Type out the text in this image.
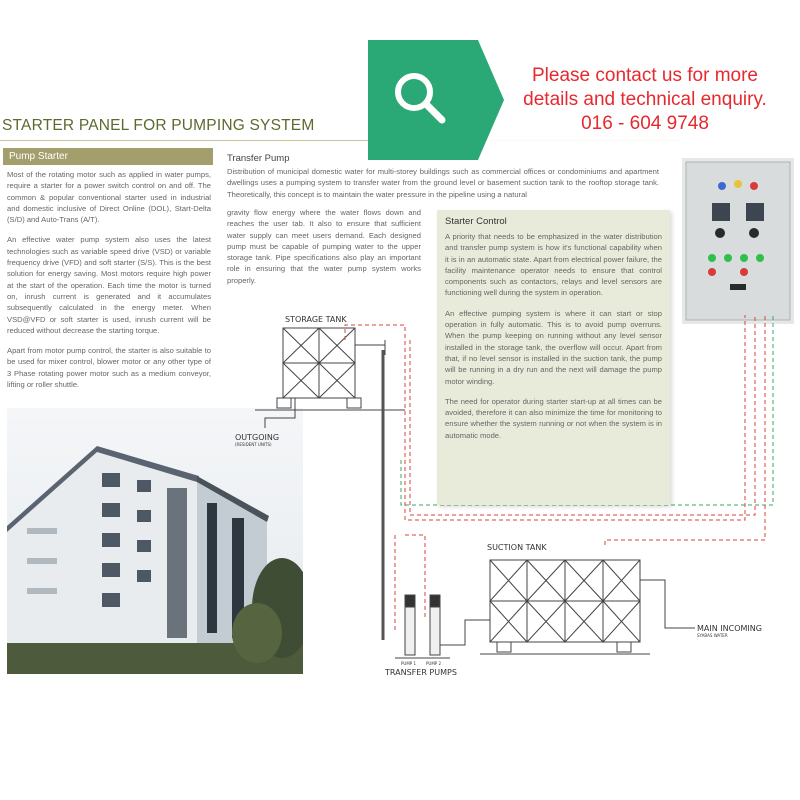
STARTER PANEL FOR PUMPING SYSTEM
Pump Starter

Most of the rotating motor such as applied in water pumps, require a starter for a power switch control on and off. The common & popular conventional starter used in industrial and domestic inclusive of Direct Online (DOL), Start-Delta (S/D) and Auto-Trans (A/T).

An effective water pump system also uses the latest technologies such as variable speed drive (VSD) or variable frequency drive (VFD) and soft starter (S/S). This is the best solution for energy saving. Most motors require high power at the start of the operation. Each time the motor is turned on, inrush current is generated and it accumulates subsequently calculated in the energy meter. When VSD@VFD or soft starter is used, inrush current will be reduced without decrease the starting torque.

Apart from motor pump control, the starter is also suitable to be used for mixer control, blower motor or any other type of 3 Phase rotating power motor such as a medium conveyor, lifting or roller shuttle.

Transfer Pump
Distribution of municipal domestic water for multi-storey buildings such as commercial offices or condominiums and apartment dwellings uses a pumping system to transfer water from the ground level or basement suction tank to the rooftop storage tank. Theoretically, this concept is to maintain the water pressure in the pipeline using a natural
gravity flow energy where the water flows down and reaches the user tab. It also to ensure that sufficient water supply can meet users demand. Each designed pump must be capable of pumping water to the upper storage tank. Pipe specifications also play an important role in ensuring that the water pump system works properly.
STORAGE TANK
OUTGOING
(RESIDENT UNITS)
SUCTION TANK
MAIN INCOMING
SYABAS WATER
PUMP 1 PUMP 2
TRANSFER PUMPS
Starter Control

A priority that needs to be emphasized in the water distribution and transfer pump system is how it's functional capability when it is in an automatic state. Apart from electrical power failure, the facility maintenance operator needs to ensure that control components such as contactors, relays and level sensors are functioning well during the system in operation.

An effective pumping system is where it can start or stop operation in fully automatic. This is to avoid pump overruns. When the pump keeping on running without any level sensor installed in the storage tank, the overflow will occur. Apart from that, if no level sensor is installed in the suction tank, the pump will be running in a dry run and the next will damage the pump motor winding.

The need for operator during starter start-up at all times can be avoided, therefore it can also minimize the time for monitoring to ensure whether the system running or not when the system is in automatic mode.

Please contact us for more
details and technical enquiry.
016 - 604 9748
